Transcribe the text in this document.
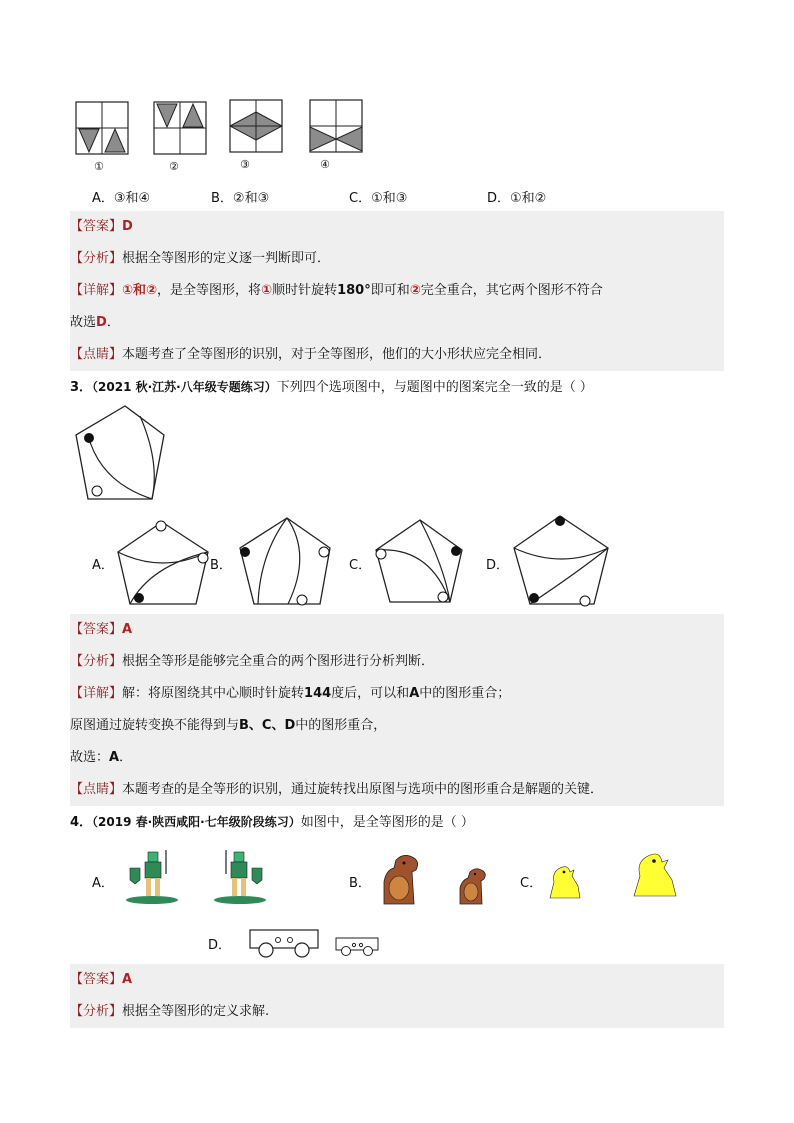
①	②	③	④
A．③和④	B．②和③	C．①和③	D．①和②
【答案】D
【分析】根据全等图形的定义逐一判断即可．
【详解】①和②，是全等图形，将①顺时针旋转180°即可和②完全重合，其它两个图形不符合
故选D．
【点睛】本题考查了全等图形的识别，对于全等图形，他们的大小形状应完全相同．
3．（2021 秋·江苏·八年级专题练习）下列四个选项图中，与题图中的图案完全一致的是（ ）
A．	B．	C．	D．
【答案】A
【分析】根据全等形是能够完全重合的两个图形进行分析判断．
【详解】解：将原图绕其中心顺时针旋转144度后，可以和A中的图形重合；
原图通过旋转变换不能得到与B、C、D中的图形重合，
故选：A．
【点睛】本题考查的是全等形的识别，通过旋转找出原图与选项中的图形重合是解题的关键．
4．（2019 春·陕西咸阳·七年级阶段练习）如图中，是全等图形的是（ ）
A．	B．	C．
D．
【答案】A
【分析】根据全等图形的定义求解.
